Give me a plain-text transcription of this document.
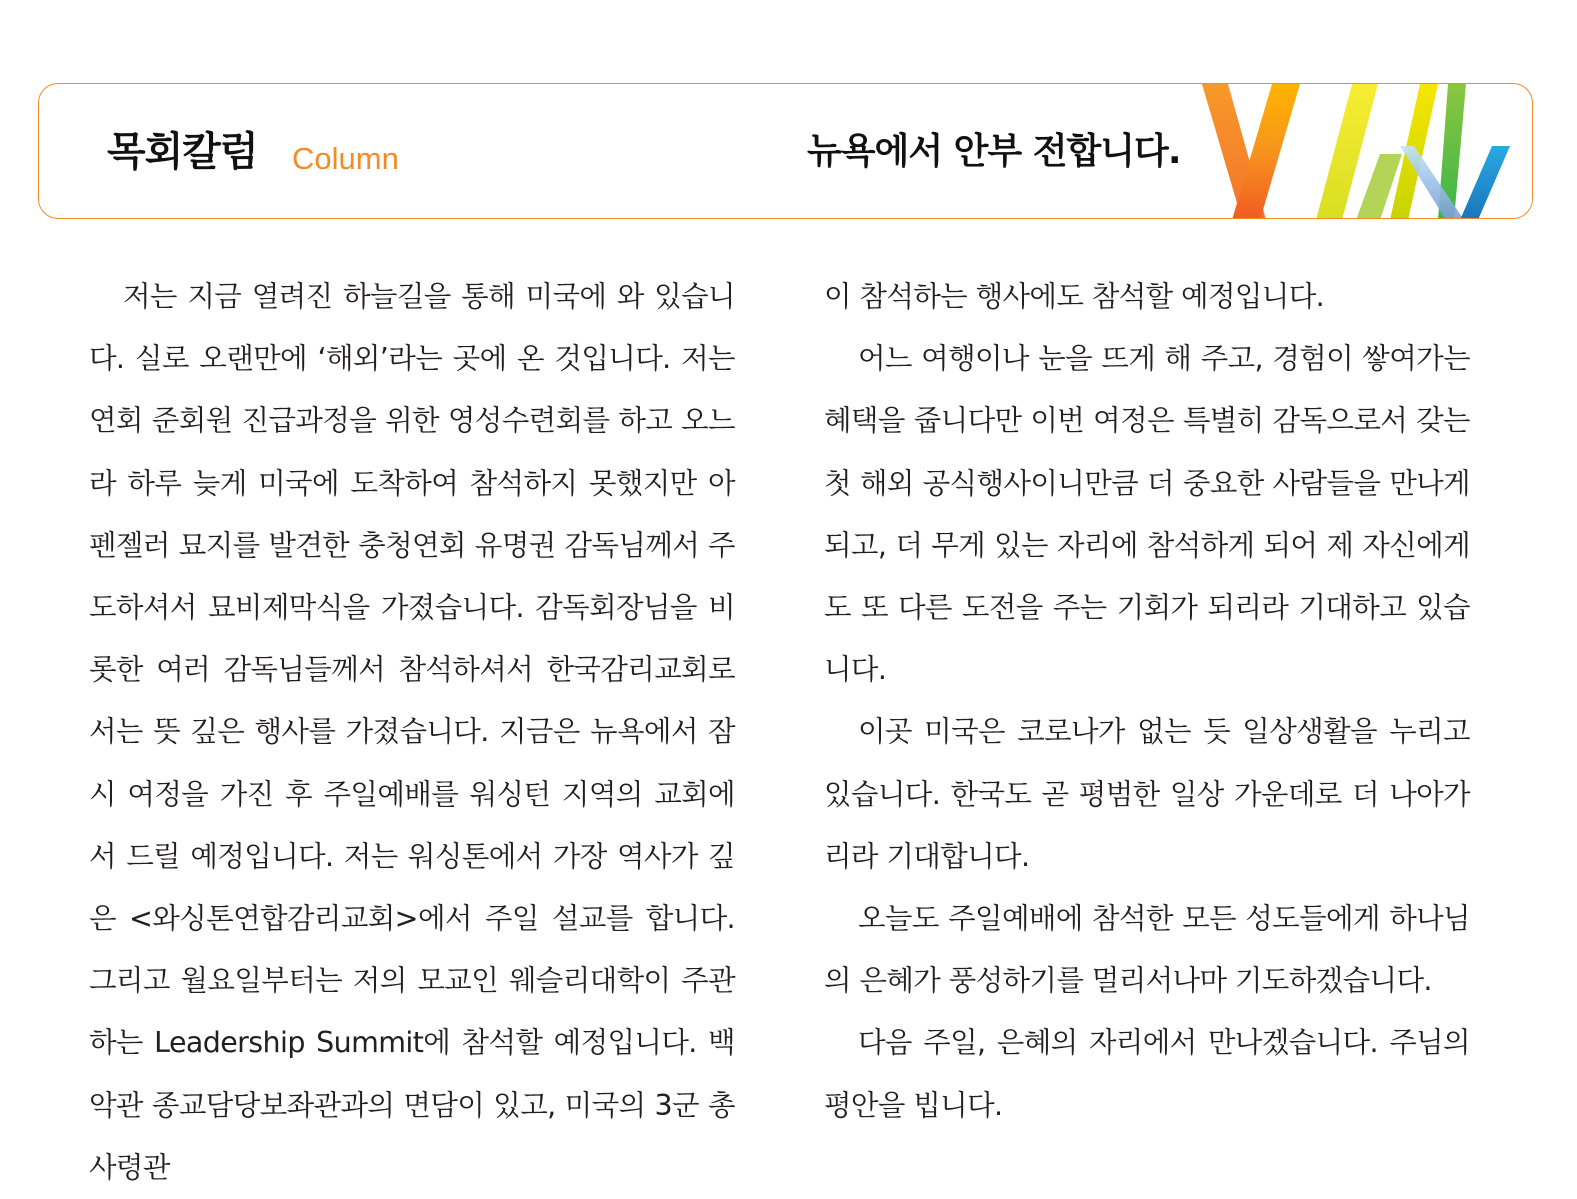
목회칼럼 Column	뉴욕에서 안부 전합니다.

저는 지금 열려진 하늘길을 통해 미국에 와 있습니다. 실로 오랜만에 ‘해외’라는 곳에 온 것입니다. 저는 연회 준회원 진급과정을 위한 영성수련회를 하고 오느라 하루 늦게 미국에 도착하여 참석하지 못했지만 아펜젤러 묘지를 발견한 충청연회 유명권 감독님께서 주도하셔서 묘비제막식을 가졌습니다. 감독회장님을 비롯한 여러 감독님들께서 참석하셔서 한국감리교회로서는 뜻 깊은 행사를 가졌습니다. 지금은 뉴욕에서 잠시 여정을 가진 후 주일예배를 워싱턴 지역의 교회에서 드릴 예정입니다. 저는 워싱톤에서 가장 역사가 깊은 <와싱톤연합감리교회>에서 주일 설교를 합니다. 그리고 월요일부터는 저의 모교인 웨슬리대학이 주관하는 Leadership Summit에 참석할 예정입니다. 백악관 종교담당보좌관과의 면담이 있고, 미국의 3군 총사령관

이 참석하는 행사에도 참석할 예정입니다.

어느 여행이나 눈을 뜨게 해 주고, 경험이 쌓여가는 혜택을 줍니다만 이번 여정은 특별히 감독으로서 갖는 첫 해외 공식행사이니만큼 더 중요한 사람들을 만나게 되고, 더 무게 있는 자리에 참석하게 되어 제 자신에게도 또 다른 도전을 주는 기회가 되리라 기대하고 있습니다.

이곳 미국은 코로나가 없는 듯 일상생활을 누리고 있습니다. 한국도 곧 평범한 일상 가운데로 더 나아가리라 기대합니다.

오늘도 주일예배에 참석한 모든 성도들에게 하나님의 은혜가 풍성하기를 멀리서나마 기도하겠습니다.

다음 주일, 은혜의 자리에서 만나겠습니다. 주님의 평안을 빕니다.
